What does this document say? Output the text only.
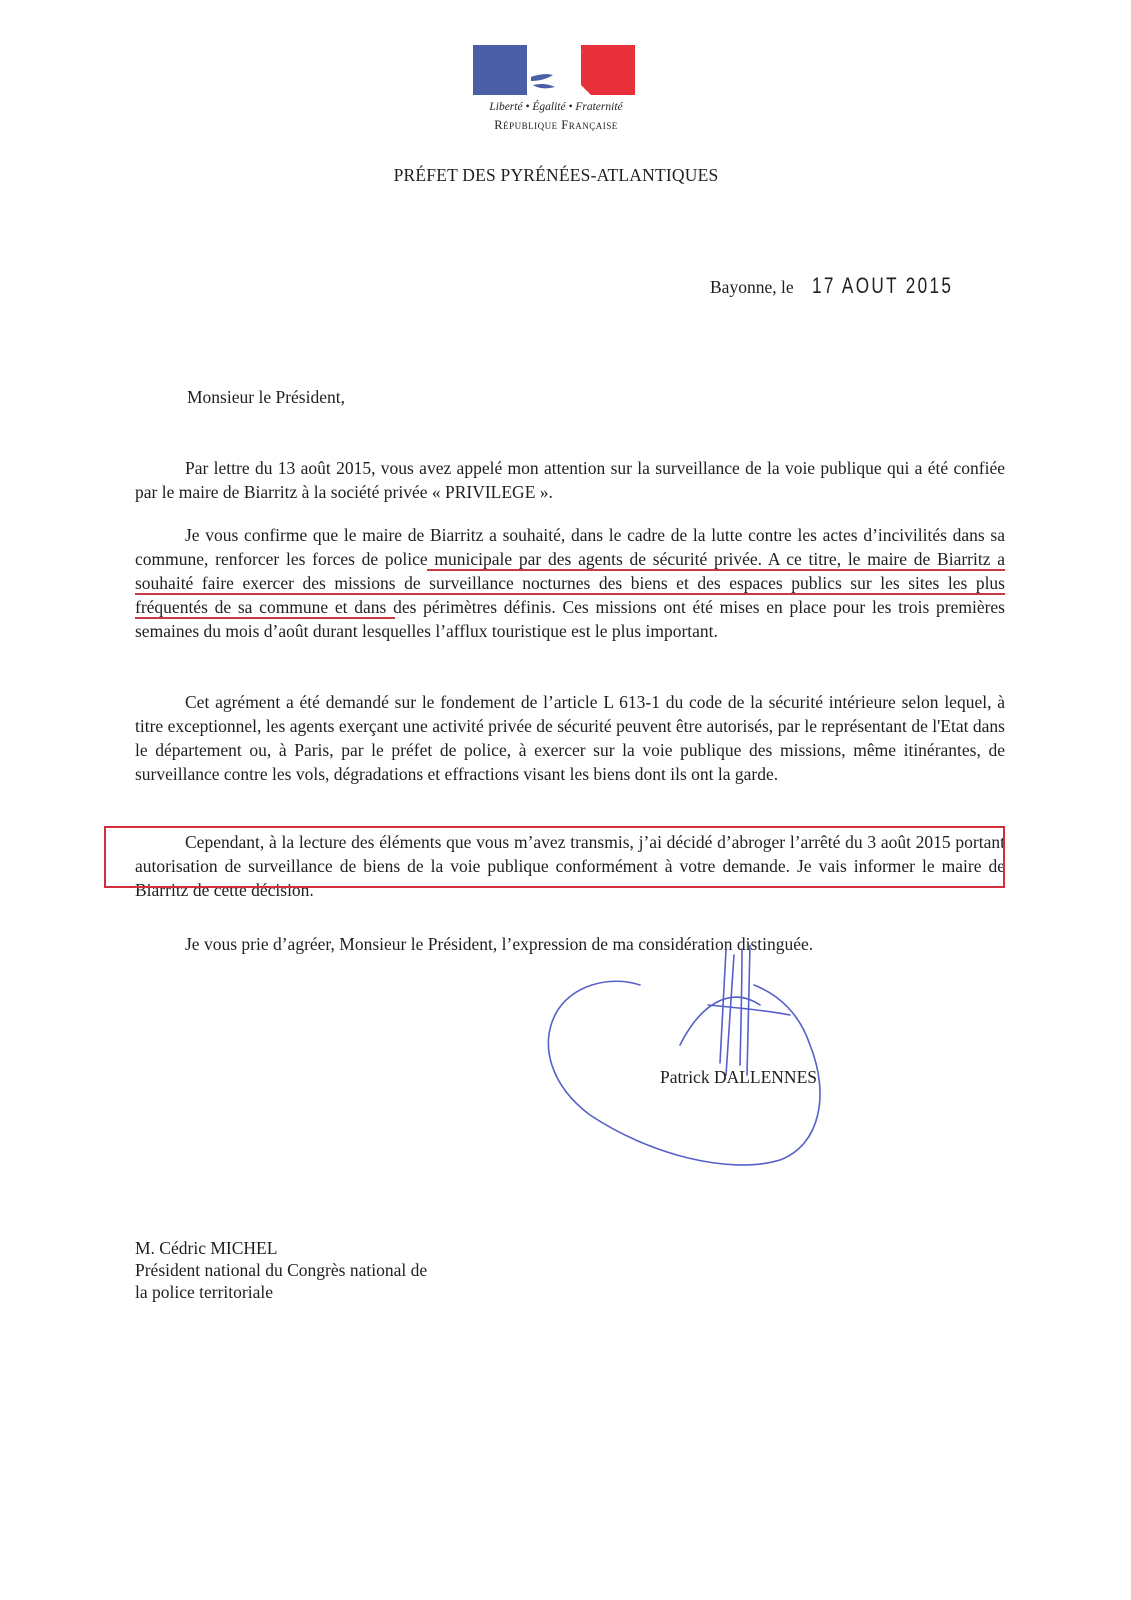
Liberté • Égalité • Fraternité
République Française
PRÉFET DES PYRÉNÉES-ATLANTIQUES
Bayonne, le 17 AOUT 2015
Monsieur le Président,

Par lettre du 13 août 2015, vous avez appelé mon attention sur la surveillance de la voie publique qui a été confiée par le maire de Biarritz à la société privée « PRIVILEGE ».

Je vous confirme que le maire de Biarritz a souhaité, dans le cadre de la lutte contre les actes d’incivilités dans sa commune, renforcer les forces de police municipale par des agents de sécurité privée. A ce titre, le maire de Biarritz a souhaité faire exercer des missions de surveillance nocturnes des biens et des espaces publics sur les sites les plus fréquentés de sa commune et dans des périmètres définis. Ces missions ont été mises en place pour les trois premières semaines du mois d’août durant lesquelles l’afflux touristique est le plus important.

Cet agrément a été demandé sur le fondement de l’article L 613-1 du code de la sécurité intérieure selon lequel, à titre exceptionnel, les agents exerçant une activité privée de sécurité peuvent être autorisés, par le représentant de l'Etat dans le département ou, à Paris, par le préfet de police, à exercer sur la voie publique des missions, même itinérantes, de surveillance contre les vols, dégradations et effractions visant les biens dont ils ont la garde.

Cependant, à la lecture des éléments que vous m’avez transmis, j’ai décidé d’abroger l’arrêté du 3 août 2015 portant autorisation de surveillance de biens de la voie publique conformément à votre demande. Je vais informer le maire de Biarritz de cette décision.

Je vous prie d’agréer, Monsieur le Président, l’expression de ma considération distinguée.

Patrick DALLENNES
M. Cédric MICHEL
Président national du Congrès national de
la police territoriale
